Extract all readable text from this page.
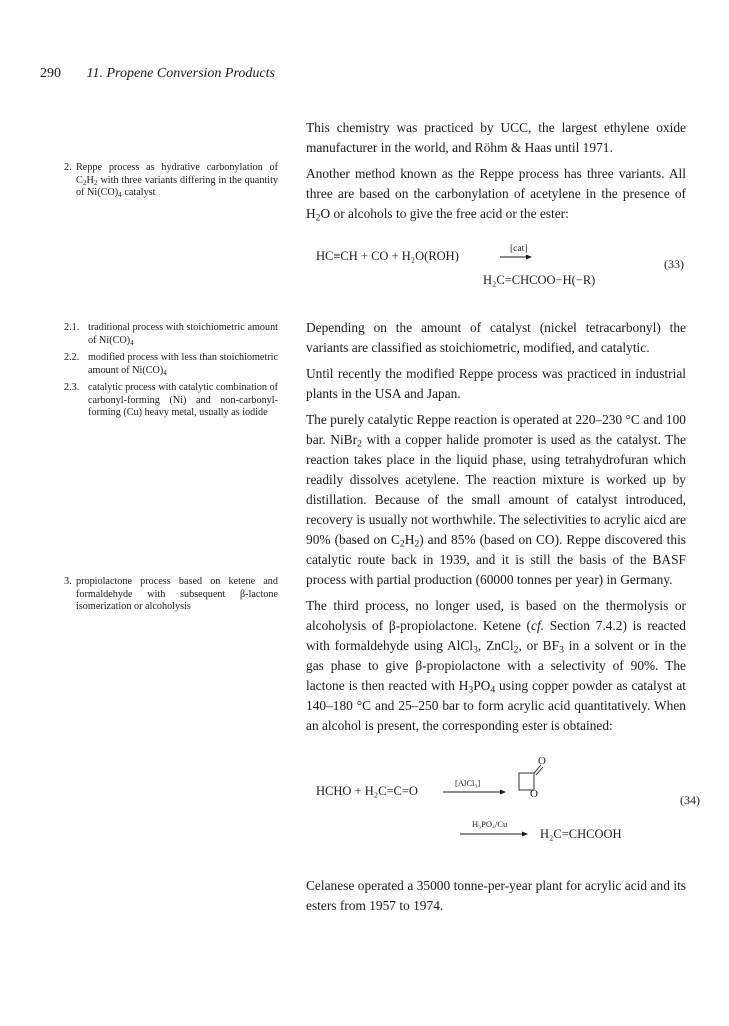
290 11. Propene Conversion Products

This chemistry was practiced by UCC, the largest ethylene oxide manufacturer in the world, and Röhm & Haas until 1971.

Another method known as the Reppe process has three variants. All three are based on the carbonylation of acetylene in the presence of $H_2O$ or alcohols to give the free acid or the ester:

2. Reppe process as hydrative carbonylation of $C_2H_2$ with three variants differing in the quantity of $Ni(CO)_4$ catalyst
HC≡CH + CO + H₂O(ROH)	[cat]
(33)
H₂C=CHCOO−H(−R)

Depending on the amount of catalyst (nickel tetracarbonyl) the variants are classified as stoichiometric, modified, and catalytic.

Until recently the modified Reppe process was practiced in industrial plants in the USA and Japan.

The purely catalytic Reppe reaction is operated at 220–230 °C and 100 bar. NiBr$_2$ with a copper halide promoter is used as the catalyst. The reaction takes place in the liquid phase, using tetrahydrofuran which readily dissolves acetylene. The reaction mixture is worked up by distillation. Because of the small amount of catalyst introduced, recovery is usually not worthwhile. The selectivities to acrylic aicd are 90% (based on $C_2H_2$) and 85% (based on CO). Reppe discovered this catalytic route back in 1939, and it is still the basis of the BASF process with partial production (60000 tonnes per year) in Germany.

The third process, no longer used, is based on the thermolysis or alcoholysis of β-propiolactone. Ketene (cf. Section 7.4.2) is reacted with formaldehyde using AlCl$_3$, ZnCl$_2$, or $BF_3$ in a solvent or in the gas phase to give β-propiolactone with a selectivity of 90%. The lactone is then reacted with $H_3PO_4$ using copper powder as catalyst at 140–180 °C and 25–250 bar to form acrylic acid quantitatively. When an alcohol is present, the corresponding ester is obtained:

2.1. traditional process with stoichiometric amount of $Ni(CO)_4$
2.2. modified process with less than stoichiometric amount of $Ni(CO)_4$
2.3. catalytic process with catalytic combination of carbonyl-forming (Ni) and non-carbonyl-forming (Cu) heavy metal, usually as iodide
3. propiolactone process based on ketene and formaldehyde with subsequent β-lactone isomerization or alcoholysis
HCHO + H₂C=C=O
[AlCl₃]
O
O	(34)
H₃PO₄/Cu
H₂C=CHCOOH

Celanese operated a 35000 tonne-per-year plant for acrylic acid and its esters from 1957 to 1974.
